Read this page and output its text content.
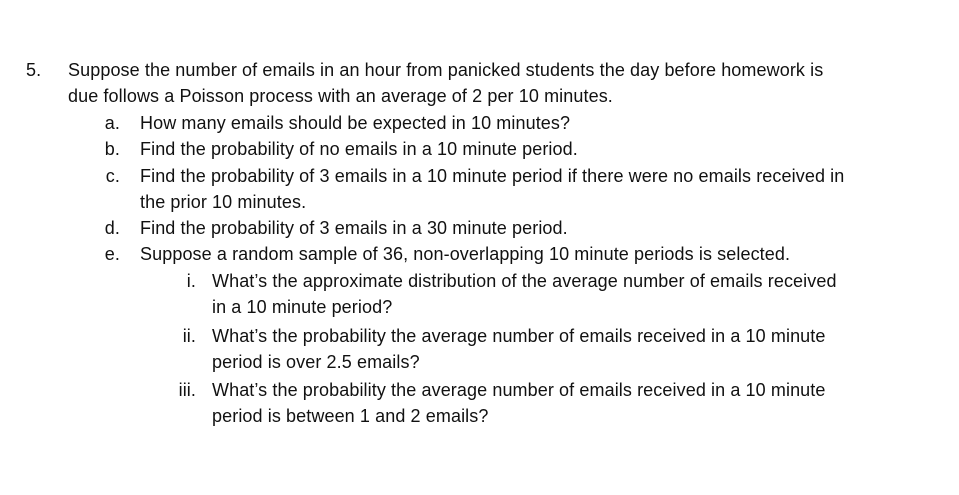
5. Suppose the number of emails in an hour from panicked students the day before homework is
due follows a Poisson process with an average of 2 per 10 minutes.
a. How many emails should be expected in 10 minutes?
b. Find the probability of no emails in a 10 minute period.
c. Find the probability of 3 emails in a 10 minute period if there were no emails received in
the prior 10 minutes.
d. Find the probability of 3 emails in a 30 minute period.
e. Suppose a random sample of 36, non-overlapping 10 minute periods is selected.
i. What’s the approximate distribution of the average number of emails received
in a 10 minute period?
ii. What’s the probability the average number of emails received in a 10 minute
period is over 2.5 emails?
iii. What’s the probability the average number of emails received in a 10 minute
period is between 1 and 2 emails?
